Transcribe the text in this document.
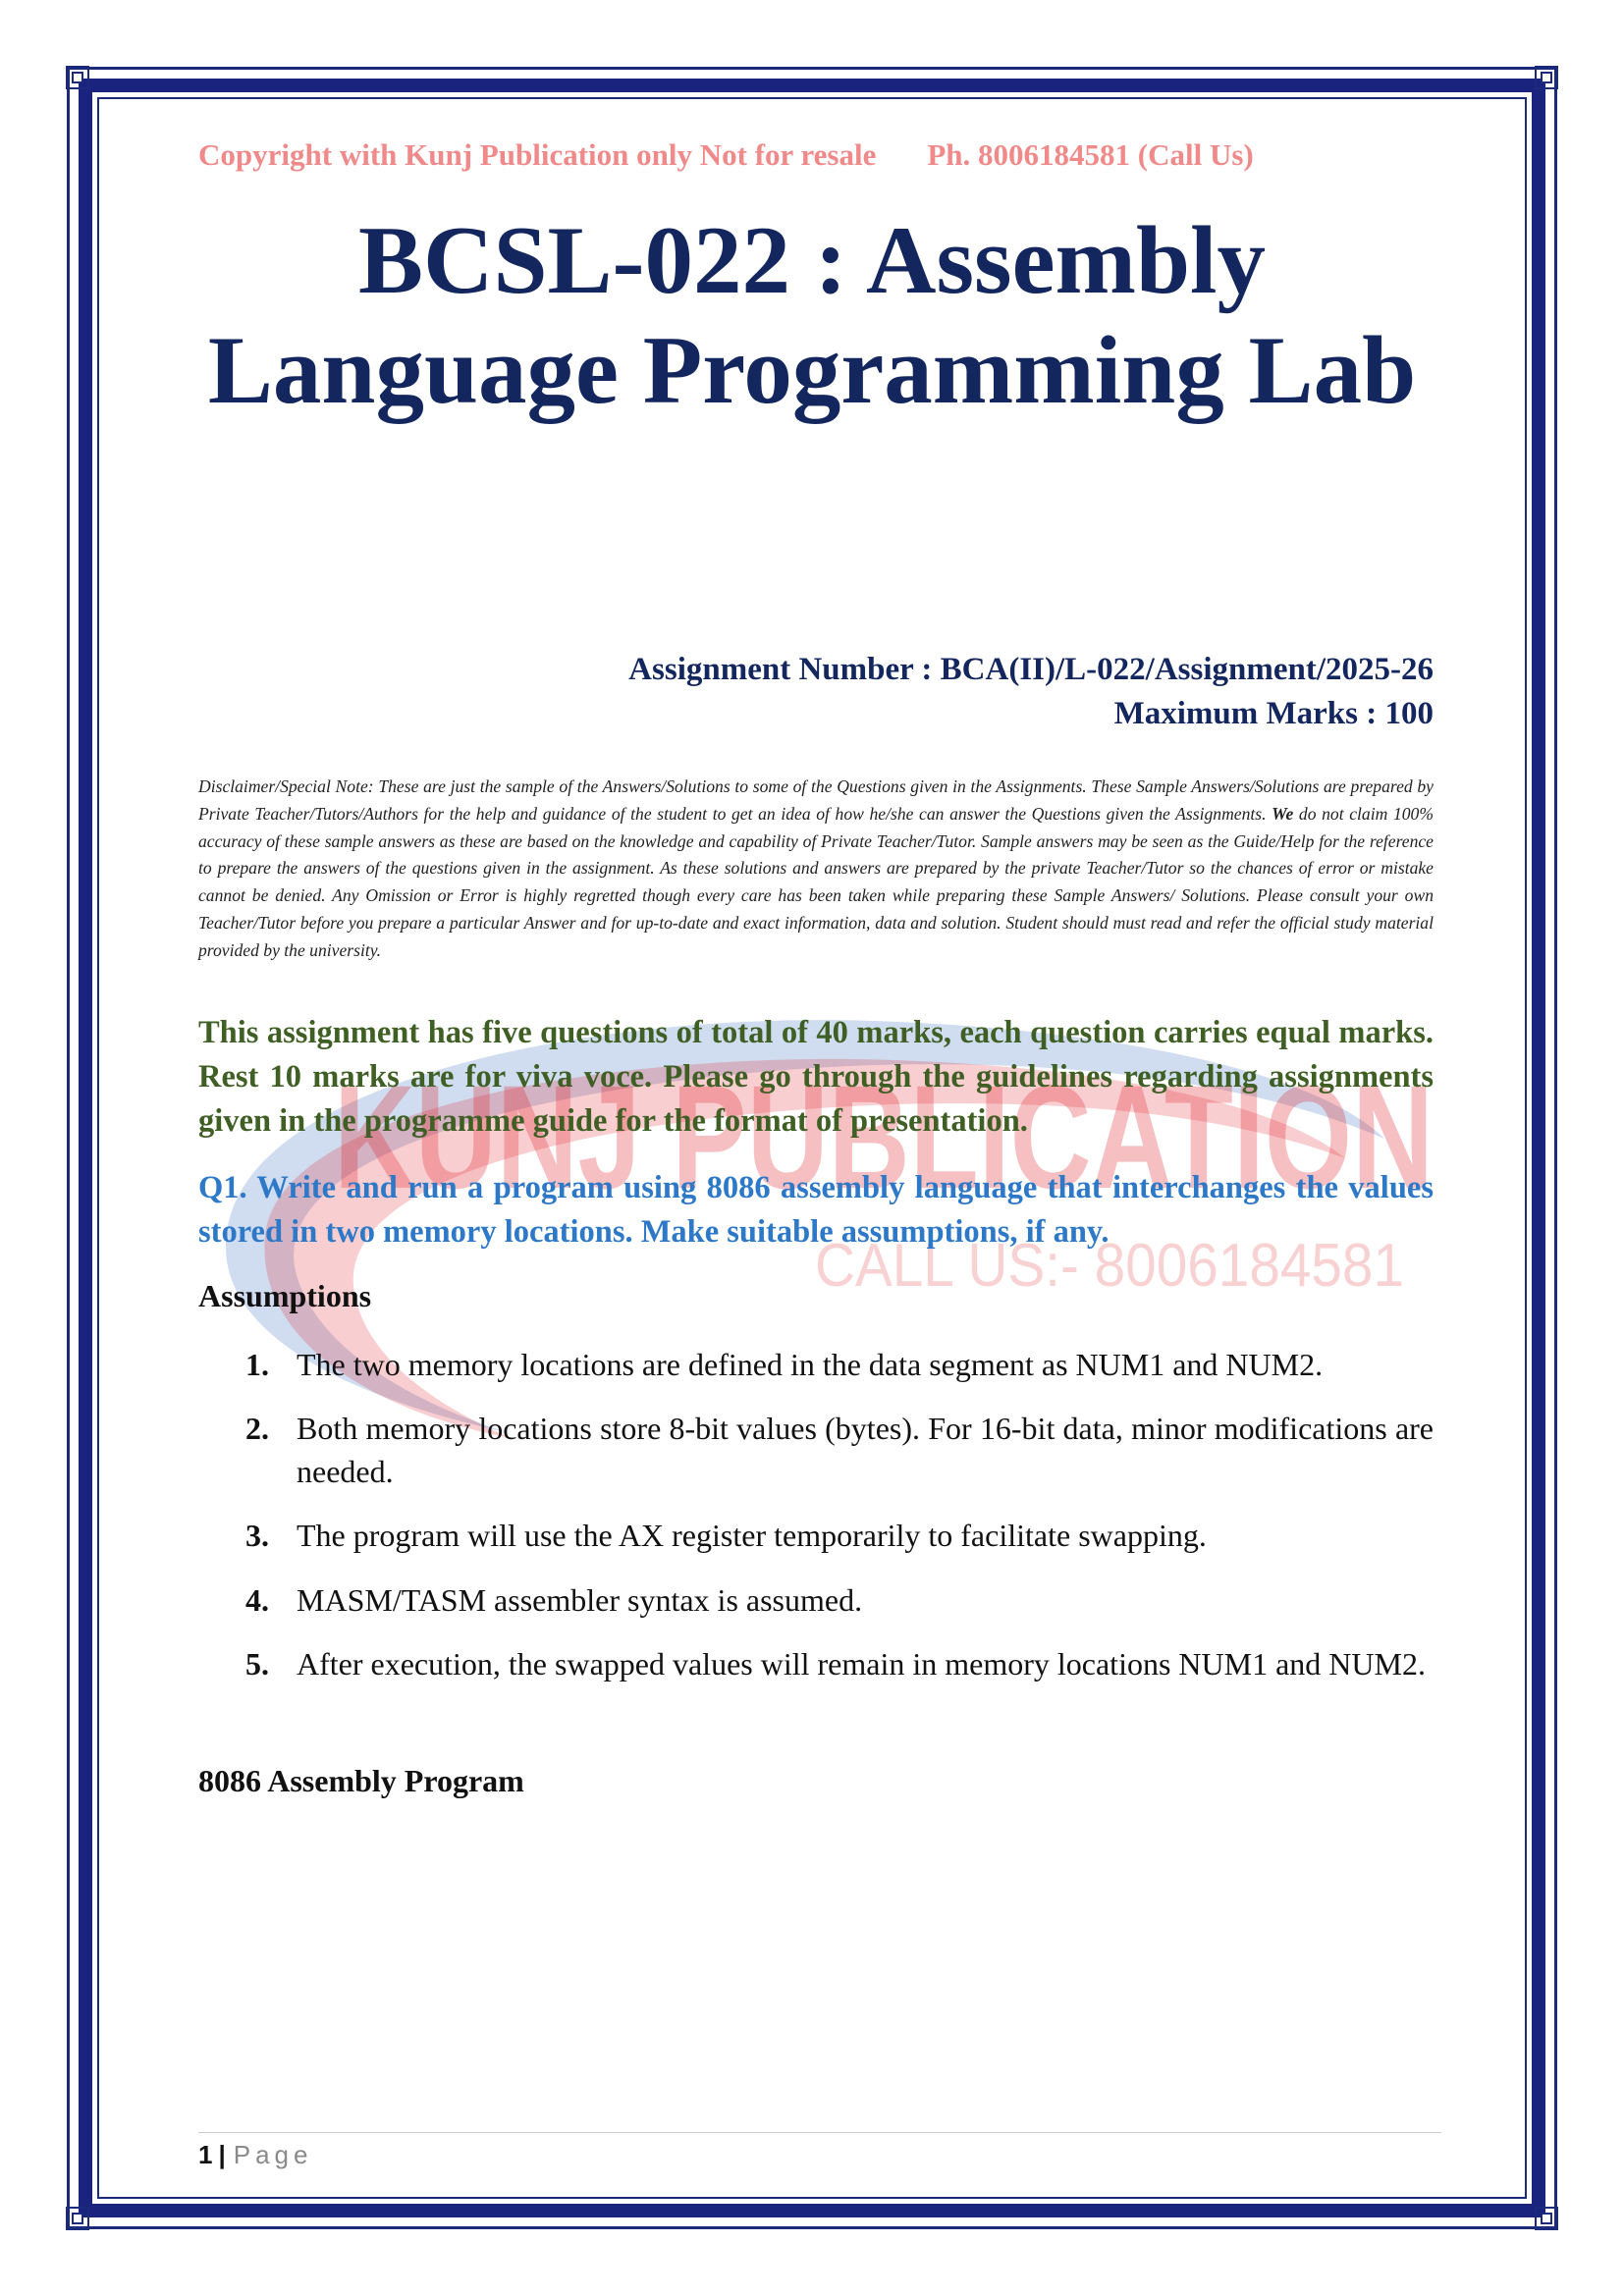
KUNJ PUBLICATION
CALL US:- 8006184581
Copyright with Kunj Publication only Not for resale Ph. 8006184581 (Call Us)
BCSL-022 : Assembly
Language Programming Lab
Assignment Number : BCA(II)/L-022/Assignment/2025-26
Maximum Marks : 100
Disclaimer/Special Note: These are just the sample of the Answers/Solutions to some of the Questions given in the Assignments. These Sample Answers/Solutions are prepared by Private Teacher/Tutors/Authors for the help and guidance of the student to get an idea of how he/she can answer the Questions given the Assignments. We do not claim 100% accuracy of these sample answers as these are based on the knowledge and capability of Private Teacher/Tutor. Sample answers may be seen as the Guide/Help for the reference to prepare the answers of the questions given in the assignment. As these solutions and answers are prepared by the private Teacher/Tutor so the chances of error or mistake cannot be denied. Any Omission or Error is highly regretted though every care has been taken while preparing these Sample Answers/ Solutions. Please consult your own Teacher/Tutor before you prepare a particular Answer and for up-to-date and exact information, data and solution. Student should must read and refer the official study material provided by the university.
This assignment has five questions of total of 40 marks, each question carries equal marks. Rest 10 marks are for viva voce. Please go through the guidelines regarding assignments given in the programme guide for the format of presentation.
Q1. Write and run a program using 8086 assembly language that interchanges the values stored in two memory locations. Make suitable assumptions, if any.
Assumptions
1. The two memory locations are defined in the data segment as NUM1 and NUM2.
2. Both memory locations store 8-bit values (bytes). For 16-bit data, minor modifications are needed.
3. The program will use the AX register temporarily to facilitate swapping.
4. MASM/TASM assembler syntax is assumed.
5. After execution, the swapped values will remain in memory locations NUM1 and NUM2.
8086 Assembly Program
1 | Page
